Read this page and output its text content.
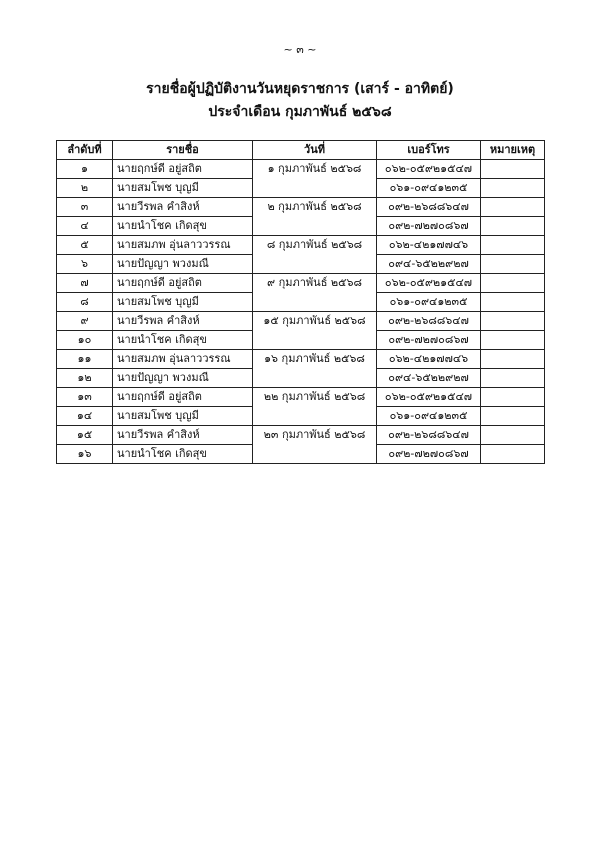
~ ๓ ~
รายชื่อผู้ปฏิบัติงานวันหยุดราชการ (เสาร์ - อาทิตย์)
ประจำเดือน กุมภาพันธ์ ๒๕๖๘
ลำดับที่	รายชื่อ	วันที่	เบอร์โทร	หมายเหตุ
๑	นายฤกษ์ดี อยู่สถิต	๑ กุมภาพันธ์ ๒๕๖๘	๐๖๒-๐๕๙๒๑๕๔๗	
๒	นายสมโพช บุญมี		๐๖๑-๐๙๔๑๒๓๕	
๓	นายวีรพล คำสิงห์	๒ กุมภาพันธ์ ๒๕๖๘	๐๙๒-๒๖๘๘๖๔๗	
๔	นายนำโชค เกิดสุข		๐๙๒-๗๒๗๐๘๖๗	
๕	นายสมภพ อุ่นลาววรรณ	๘ กุมภาพันธ์ ๒๕๖๘	๐๖๒-๔๒๑๗๗๔๖	
๖	นายปัญญา พวงมณี		๐๙๔-๖๕๒๒๙๒๗	
๗	นายฤกษ์ดี อยู่สถิต	๙ กุมภาพันธ์ ๒๕๖๘	๐๖๒-๐๕๙๒๑๕๔๗	
๘	นายสมโพช บุญมี		๐๖๑-๐๙๔๑๒๓๕	
๙	นายวีรพล คำสิงห์	๑๕ กุมภาพันธ์ ๒๕๖๘	๐๙๒-๒๖๘๘๖๔๗	
๑๐	นายนำโชค เกิดสุข		๐๙๒-๗๒๗๐๘๖๗	
๑๑	นายสมภพ อุ่นลาววรรณ	๑๖ กุมภาพันธ์ ๒๕๖๘	๐๖๒-๔๒๑๗๗๔๖	
๑๒	นายปัญญา พวงมณี		๐๙๔-๖๕๒๒๙๒๗	
๑๓	นายฤกษ์ดี อยู่สถิต	๒๒ กุมภาพันธ์ ๒๕๖๘	๐๖๒-๐๕๙๒๑๕๔๗	
๑๔	นายสมโพช บุญมี		๐๖๑-๐๙๔๑๒๓๕	
๑๕	นายวีรพล คำสิงห์	๒๓ กุมภาพันธ์ ๒๕๖๘	๐๙๒-๒๖๘๘๖๔๗	
๑๖	นายนำโชค เกิดสุข		๐๙๒-๗๒๗๐๘๖๗	
